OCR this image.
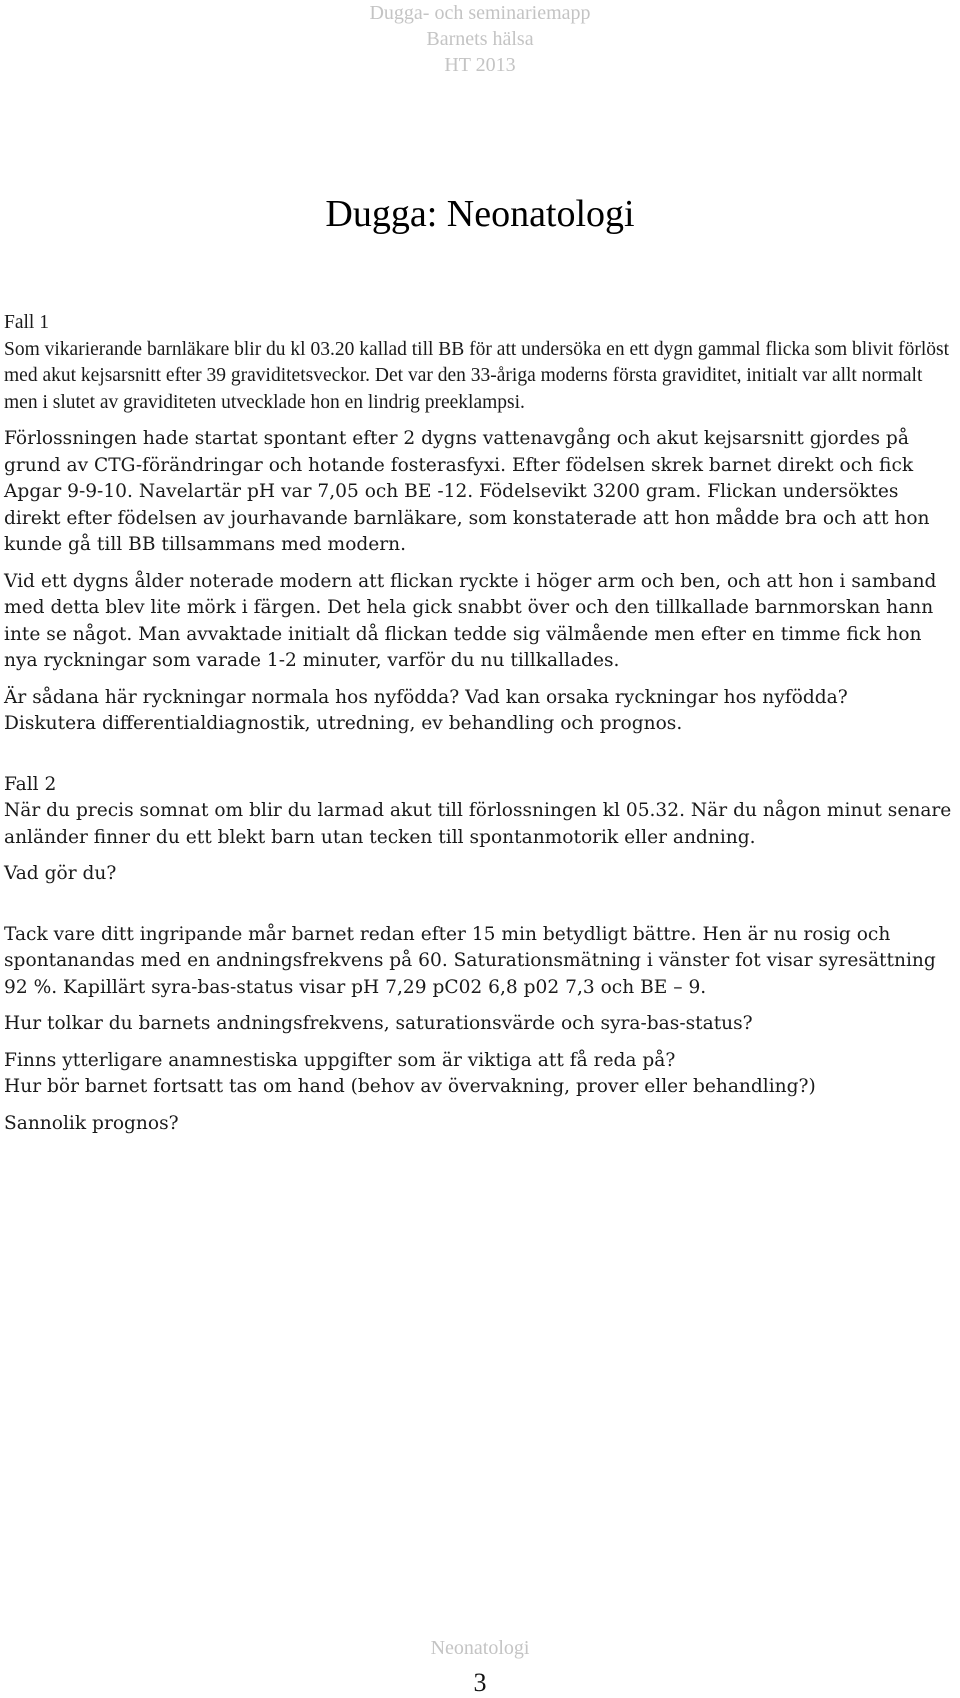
Dugga- och seminariemapp
Barnets hälsa
HT 2013
Dugga: Neonatologi

Fall 1

Som vikarierande barnläkare blir du kl 03.20 kallad till BB för att undersöka en ett dygn gammal flicka som blivit förlöst med akut kejsarsnitt efter 39 graviditetsveckor. Det var den 33-åriga moderns första graviditet, initialt var allt normalt men i slutet av graviditeten utvecklade hon en lindrig preeklampsi.

Förlossningen hade startat spontant efter 2 dygns vattenavgång och akut kejsarsnitt gjordes på grund av CTG-förändringar och hotande fosterasfyxi. Efter födelsen skrek barnet direkt och fick Apgar 9-9-10. Navelartär pH var 7,05 och BE -12. Födelsevikt 3200 gram. Flickan undersöktes direkt efter födelsen av jourhavande barnläkare, som konstaterade att hon mådde bra och att hon kunde gå till BB tillsammans med modern.

Vid ett dygns ålder noterade modern att flickan ryckte i höger arm och ben, och att hon i samband med detta blev lite mörk i färgen. Det hela gick snabbt över och den tillkallade barnmorskan hann inte se något. Man avvaktade initialt då flickan tedde sig välmående men efter en timme fick hon nya ryckningar som varade 1-2 minuter, varför du nu tillkallades.

Är sådana här ryckningar normala hos nyfödda? Vad kan orsaka ryckningar hos nyfödda?

Diskutera differentialdiagnostik, utredning, ev behandling och prognos.

Fall 2

När du precis somnat om blir du larmad akut till förlossningen kl 05.32. När du någon minut senare anländer finner du ett blekt barn utan tecken till spontanmotorik eller andning.

Vad gör du?

Tack vare ditt ingripande mår barnet redan efter 15 min betydligt bättre. Hen är nu rosig och spontanandas med en andningsfrekvens på 60. Saturationsmätning i vänster fot visar syresättning 92 %. Kapillärt syra-bas-status visar pH 7,29 pC02 6,8 p02 7,3 och BE – 9.

Hur tolkar du barnets andningsfrekvens, saturationsvärde och syra-bas-status?

Finns ytterligare anamnestiska uppgifter som är viktiga att få reda på?

Hur bör barnet fortsatt tas om hand (behov av övervakning, prover eller behandling?)

Sannolik prognos?

Neonatologi
3
